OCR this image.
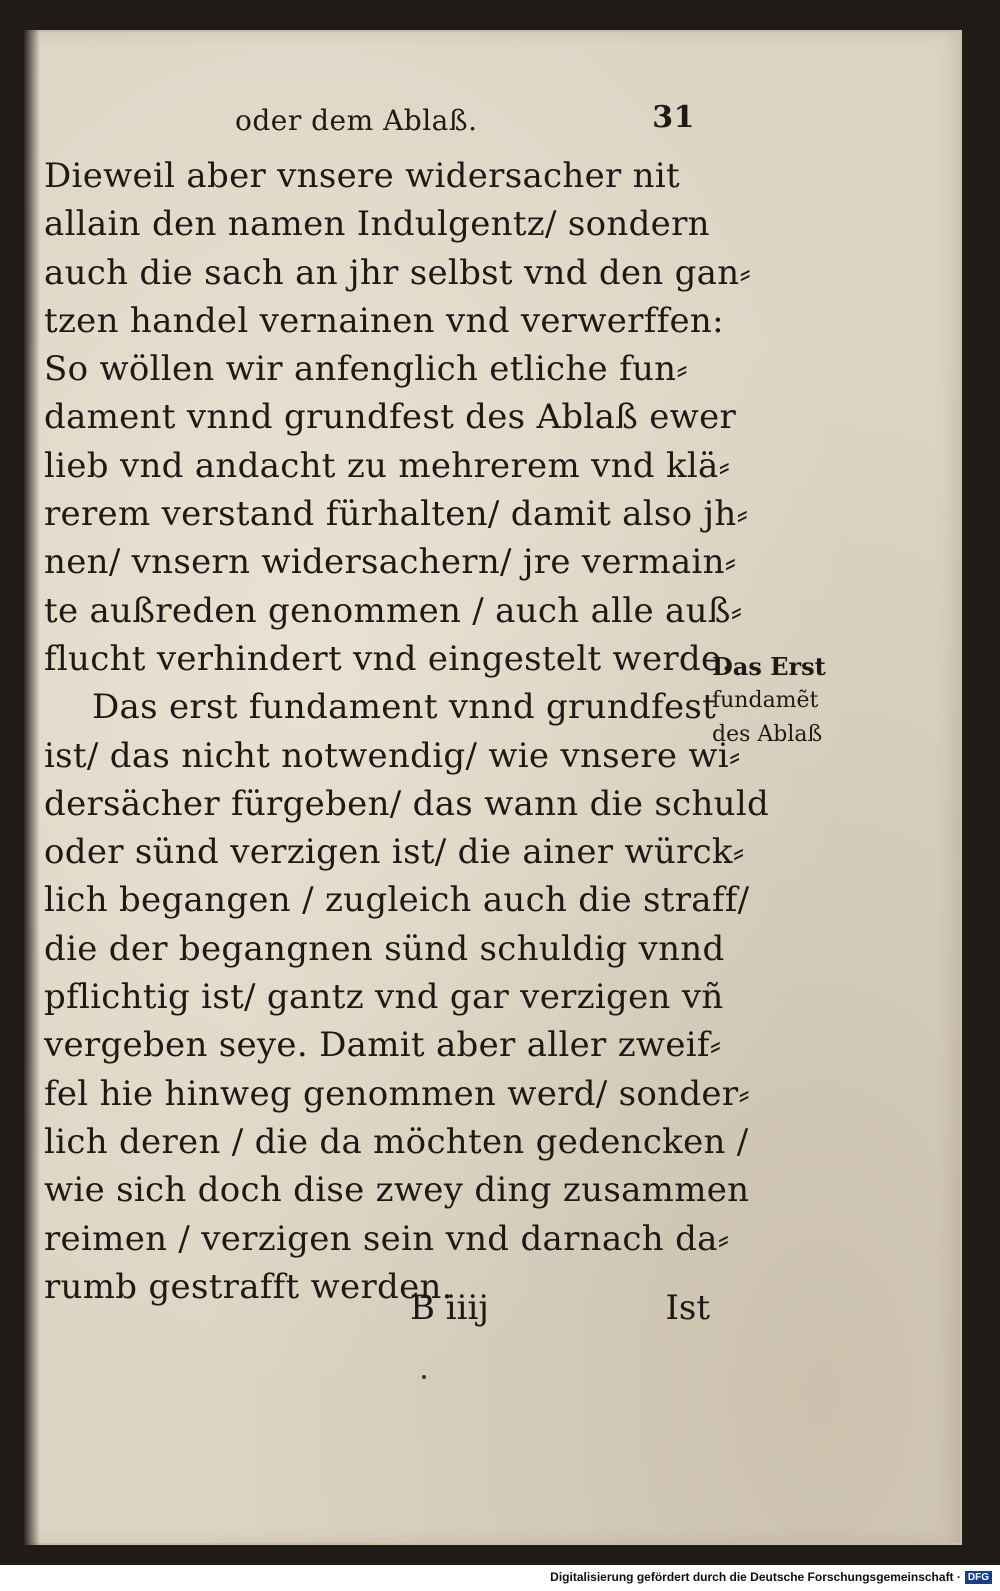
oder dem Ablaß.	31
Dieweil aber vnsere widersacher nit
allain den namen Indulgentz/ sondern
auch die sach an jhr selbst vnd den gan⸗
tzen handel vernainen vnd verwerffen:
So wöllen wir anfenglich etliche fun⸗
dament vnnd grundfest des Ablaß ewer
lieb vnd andacht zu mehrerem vnd klä⸗
rerem verstand fürhalten/ damit also jh⸗
nen/ vnsern widersachern/ jre vermain⸗
te außreden genommen / auch alle auß⸗
flucht verhindert vnd eingestelt werde.
Das erst fundament vnnd grundfest
ist/ das nicht notwendig/ wie vnsere wi⸗
dersächer fürgeben/ das wann die schuld
oder sünd verzigen ist/ die ainer würck⸗
lich begangen / zugleich auch die straff/
die der begangnen sünd schuldig vnnd
pflichtig ist/ gantz vnd gar verzigen vñ
vergeben seye. Damit aber aller zweif⸗
fel hie hinweg genommen werd/ sonder⸗
lich deren / die da möchten gedencken /
wie sich doch dise zwey ding zusammen
reimen / verzigen sein vnd darnach da⸗
rumb gestrafft werden.
Das Erst
fundamẽt
des Ablaß
B iiij	Ist
Digitalisierung gefördert durch die Deutsche Forschungsgemeinschaft · DFG
